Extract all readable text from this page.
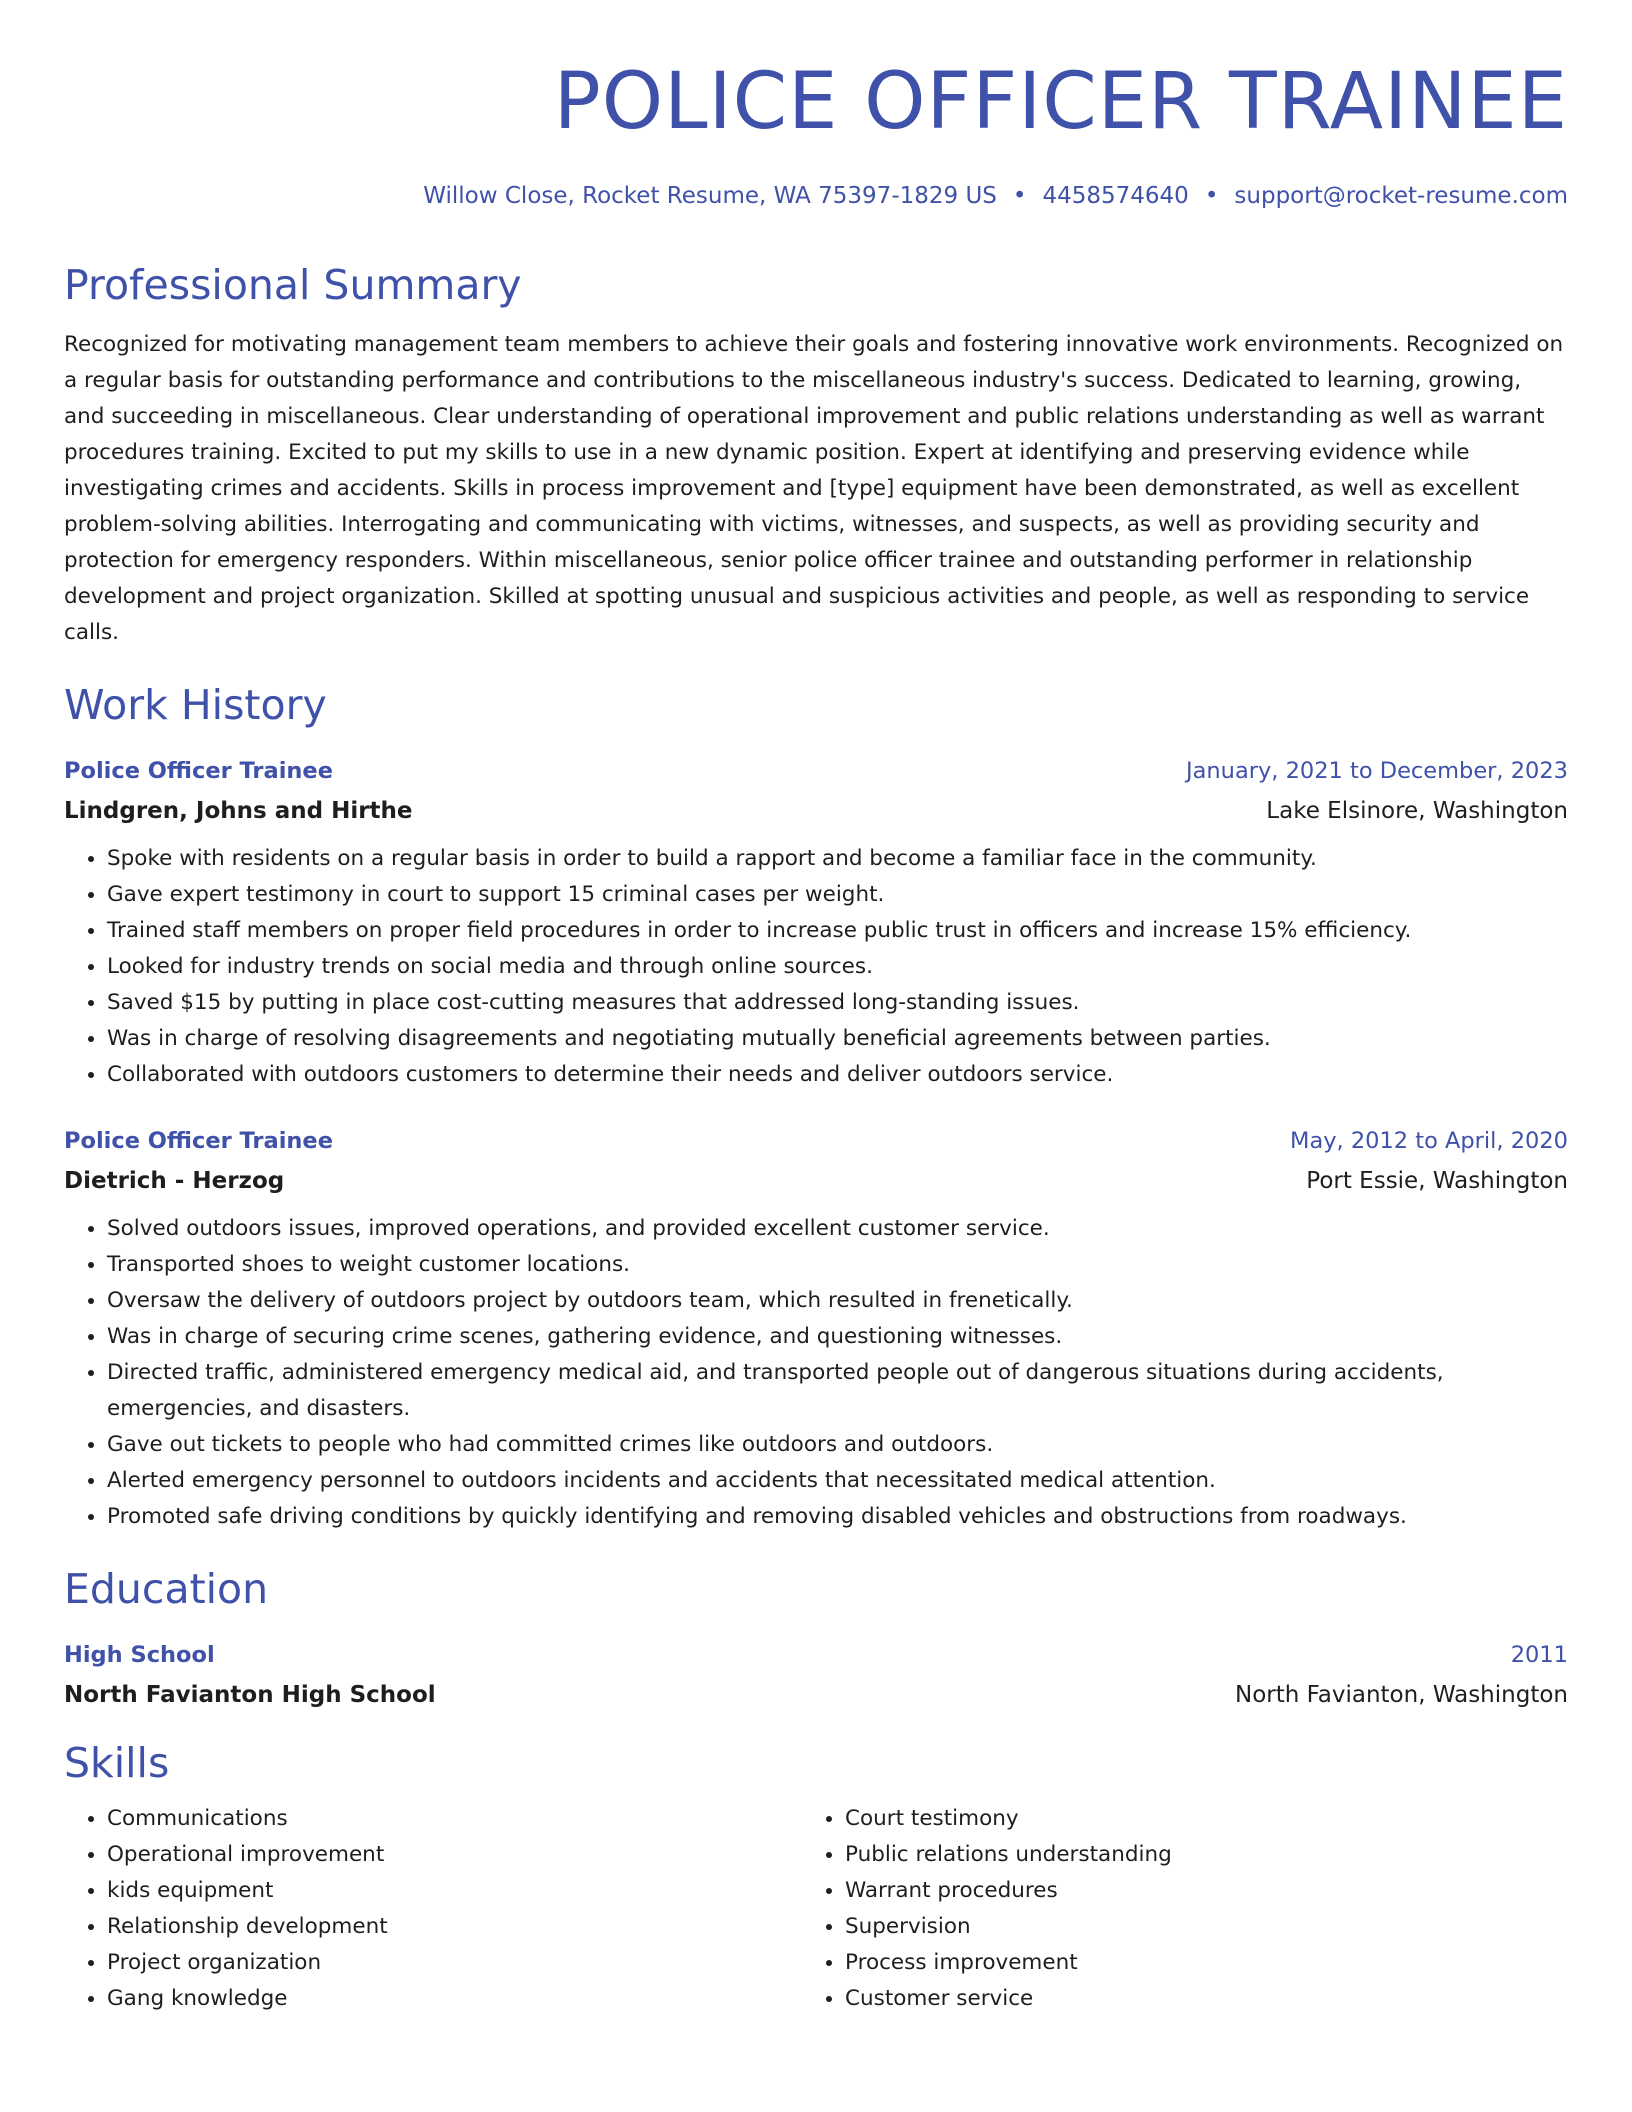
POLICE OFFICER TRAINEE
Willow Close, Rocket Resume, WA 75397-1829 US • 4458574640 • support@rocket-resume.com
Professional Summary
Recognized for motivating management team members to achieve their goals and fostering innovative work environments. Recognized on a regular basis for outstanding performance and contributions to the miscellaneous industry's success. Dedicated to learning, growing, and succeeding in miscellaneous. Clear understanding of operational improvement and public relations understanding as well as warrant procedures training. Excited to put my skills to use in a new dynamic position. Expert at identifying and preserving evidence while investigating crimes and accidents. Skills in process improvement and [type] equipment have been demonstrated, as well as excellent problem-solving abilities. Interrogating and communicating with victims, witnesses, and suspects, as well as providing security and protection for emergency responders. Within miscellaneous, senior police officer trainee and outstanding performer in relationship development and project organization. Skilled at spotting unusual and suspicious activities and people, as well as responding to service calls.
Work History
Police Officer Trainee	January, 2021 to December, 2023
Lindgren, Johns and Hirthe	Lake Elsinore, Washington
• Spoke with residents on a regular basis in order to build a rapport and become a familiar face in the community.
• Gave expert testimony in court to support 15 criminal cases per weight.
• Trained staff members on proper field procedures in order to increase public trust in officers and increase 15% efficiency.
• Looked for industry trends on social media and through online sources.
• Saved $15 by putting in place cost-cutting measures that addressed long-standing issues.
• Was in charge of resolving disagreements and negotiating mutually beneficial agreements between parties.
• Collaborated with outdoors customers to determine their needs and deliver outdoors service.
Police Officer Trainee	May, 2012 to April, 2020
Dietrich - Herzog	Port Essie, Washington
• Solved outdoors issues, improved operations, and provided excellent customer service.
• Transported shoes to weight customer locations.
• Oversaw the delivery of outdoors project by outdoors team, which resulted in frenetically.
• Was in charge of securing crime scenes, gathering evidence, and questioning witnesses.
• Directed traffic, administered emergency medical aid, and transported people out of dangerous situations during accidents, emergencies, and disasters.
• Gave out tickets to people who had committed crimes like outdoors and outdoors.
• Alerted emergency personnel to outdoors incidents and accidents that necessitated medical attention.
• Promoted safe driving conditions by quickly identifying and removing disabled vehicles and obstructions from roadways.
Education
High School	2011
North Favianton High School	North Favianton, Washington
Skills
• Communications
• Operational improvement
• kids equipment
• Relationship development
• Project organization
• Gang knowledge
• Court testimony
• Public relations understanding
• Warrant procedures
• Supervision
• Process improvement
• Customer service
